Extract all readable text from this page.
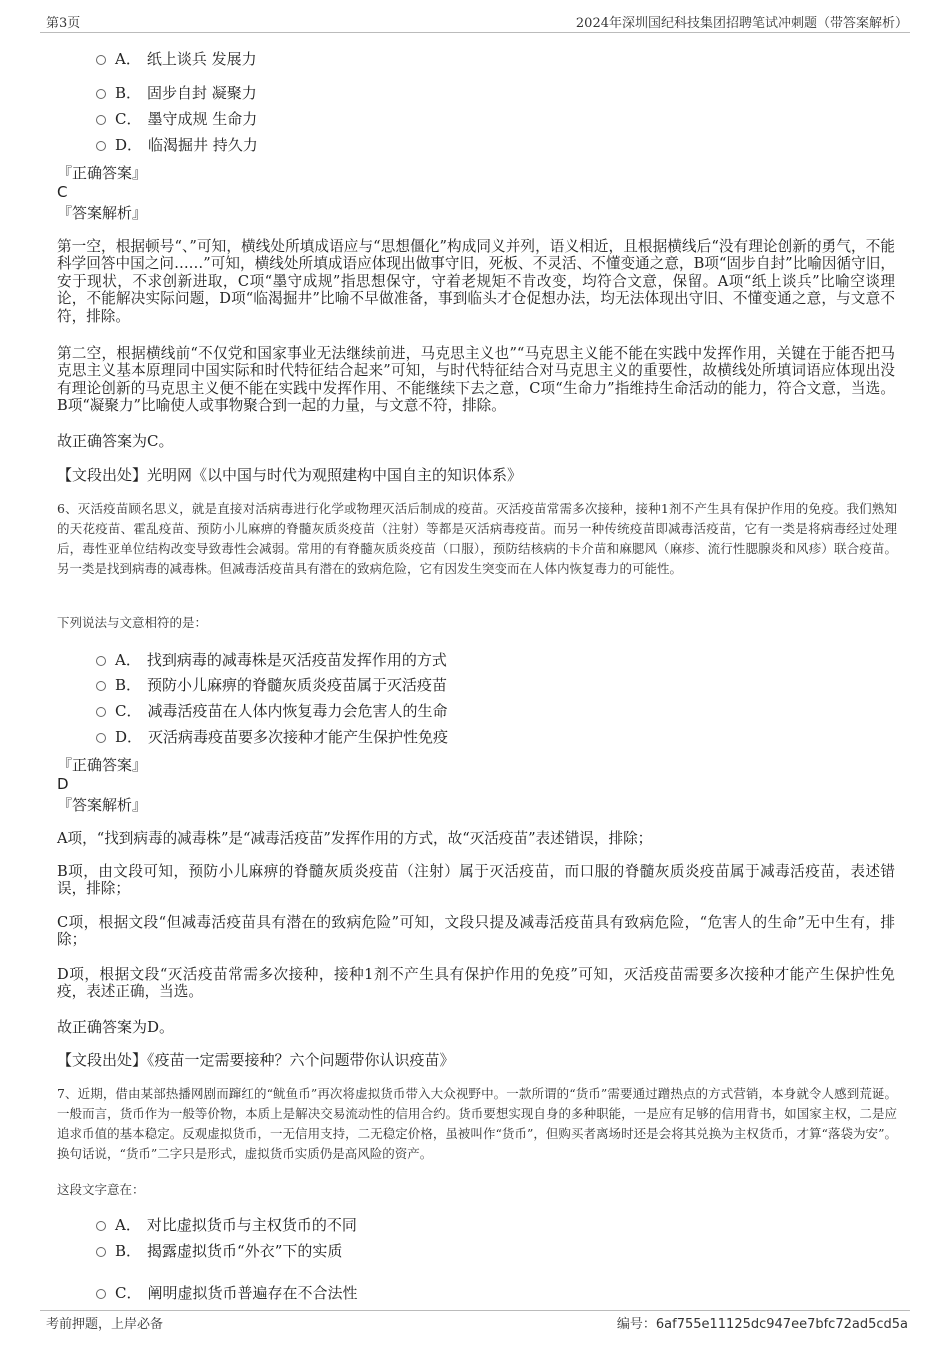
第3页	2024年深圳国纪科技集团招聘笔试冲刺题（带答案解析）
A． 纸上谈兵 发展力
B． 固步自封 凝聚力
C． 墨守成规 生命力
D． 临渴掘井 持久力
『正确答案』
C
『答案解析』
第一空，根据顿号“、”可知，横线处所填成语应与“思想僵化”构成同义并列，语义相近，且根据横线后“没有理论创新的勇气，不能科学回答中国之问……”可知，横线处所填成语应体现出做事守旧，死板、不灵活、不懂变通之意，B项“固步自封”比喻因循守旧，安于现状，不求创新进取，C项“墨守成规”指思想保守，守着老规矩不肯改变，均符合文意，保留。A项“纸上谈兵”比喻空谈理论，不能解决实际问题，D项“临渴掘井”比喻不早做准备，事到临头才仓促想办法，均无法体现出守旧、不懂变通之意，与文意不符，排除。
第二空，根据横线前“不仅党和国家事业无法继续前进，马克思主义也”“马克思主义能不能在实践中发挥作用，关键在于能否把马克思主义基本原理同中国实际和时代特征结合起来”可知，与时代特征结合对马克思主义的重要性，故横线处所填词语应体现出没有理论创新的马克思主义便不能在实践中发挥作用、不能继续下去之意，C项“生命力”指维持生命活动的能力，符合文意，当选。B项“凝聚力”比喻使人或事物聚合到一起的力量，与文意不符，排除。
故正确答案为C。
【文段出处】光明网《以中国与时代为观照建构中国自主的知识体系》
6、灭活疫苗顾名思义，就是直接对活病毒进行化学或物理灭活后制成的疫苗。灭活疫苗常需多次接种，接种1剂不产生具有保护作用的免疫。我们熟知的天花疫苗、霍乱疫苗、预防小儿麻痹的脊髓灰质炎疫苗（注射）等都是灭活病毒疫苗。而另一种传统疫苗即减毒活疫苗，它有一类是将病毒经过处理后，毒性亚单位结构改变导致毒性会减弱。常用的有脊髓灰质炎疫苗（口服），预防结核病的卡介苗和麻腮风（麻疹、流行性腮腺炎和风疹）联合疫苗。另一类是找到病毒的减毒株。但减毒活疫苗具有潜在的致病危险，它有因发生突变而在人体内恢复毒力的可能性。
下列说法与文意相符的是：
A． 找到病毒的减毒株是灭活疫苗发挥作用的方式
B． 预防小儿麻痹的脊髓灰质炎疫苗属于灭活疫苗
C． 减毒活疫苗在人体内恢复毒力会危害人的生命
D． 灭活病毒疫苗要多次接种才能产生保护性免疫
『正确答案』
D
『答案解析』
A项，“找到病毒的减毒株”是“减毒活疫苗”发挥作用的方式，故“灭活疫苗”表述错误，排除；
B项，由文段可知，预防小儿麻痹的脊髓灰质炎疫苗（注射）属于灭活疫苗，而口服的脊髓灰质炎疫苗属于减毒活疫苗，表述错误，排除；
C项，根据文段“但减毒活疫苗具有潜在的致病危险”可知，文段只提及减毒活疫苗具有致病危险，“危害人的生命”无中生有，排除；
D项，根据文段“灭活疫苗常需多次接种，接种1剂不产生具有保护作用的免疫”可知，灭活疫苗需要多次接种才能产生保护性免疫，表述正确，当选。
故正确答案为D。
【文段出处】《疫苗一定需要接种？六个问题带你认识疫苗》
7、近期，借由某部热播网剧而蹿红的“鱿鱼币”再次将虚拟货币带入大众视野中。一款所谓的“货币”需要通过蹭热点的方式营销，本身就令人感到荒诞。一般而言，货币作为一般等价物，本质上是解决交易流动性的信用合约。货币要想实现自身的多种职能，一是应有足够的信用背书，如国家主权，二是应追求币值的基本稳定。反观虚拟货币，一无信用支持，二无稳定价格，虽被叫作“货币”，但购买者离场时还是会将其兑换为主权货币，才算“落袋为安”。换句话说，“货币”二字只是形式，虚拟货币实质仍是高风险的资产。
这段文字意在：
A． 对比虚拟货币与主权货币的不同
B． 揭露虚拟货币“外衣”下的实质
C． 阐明虚拟货币普遍存在不合法性
考前押题，上岸必备	编号：6af755e11125dc947ee7bfc72ad5cd5a
